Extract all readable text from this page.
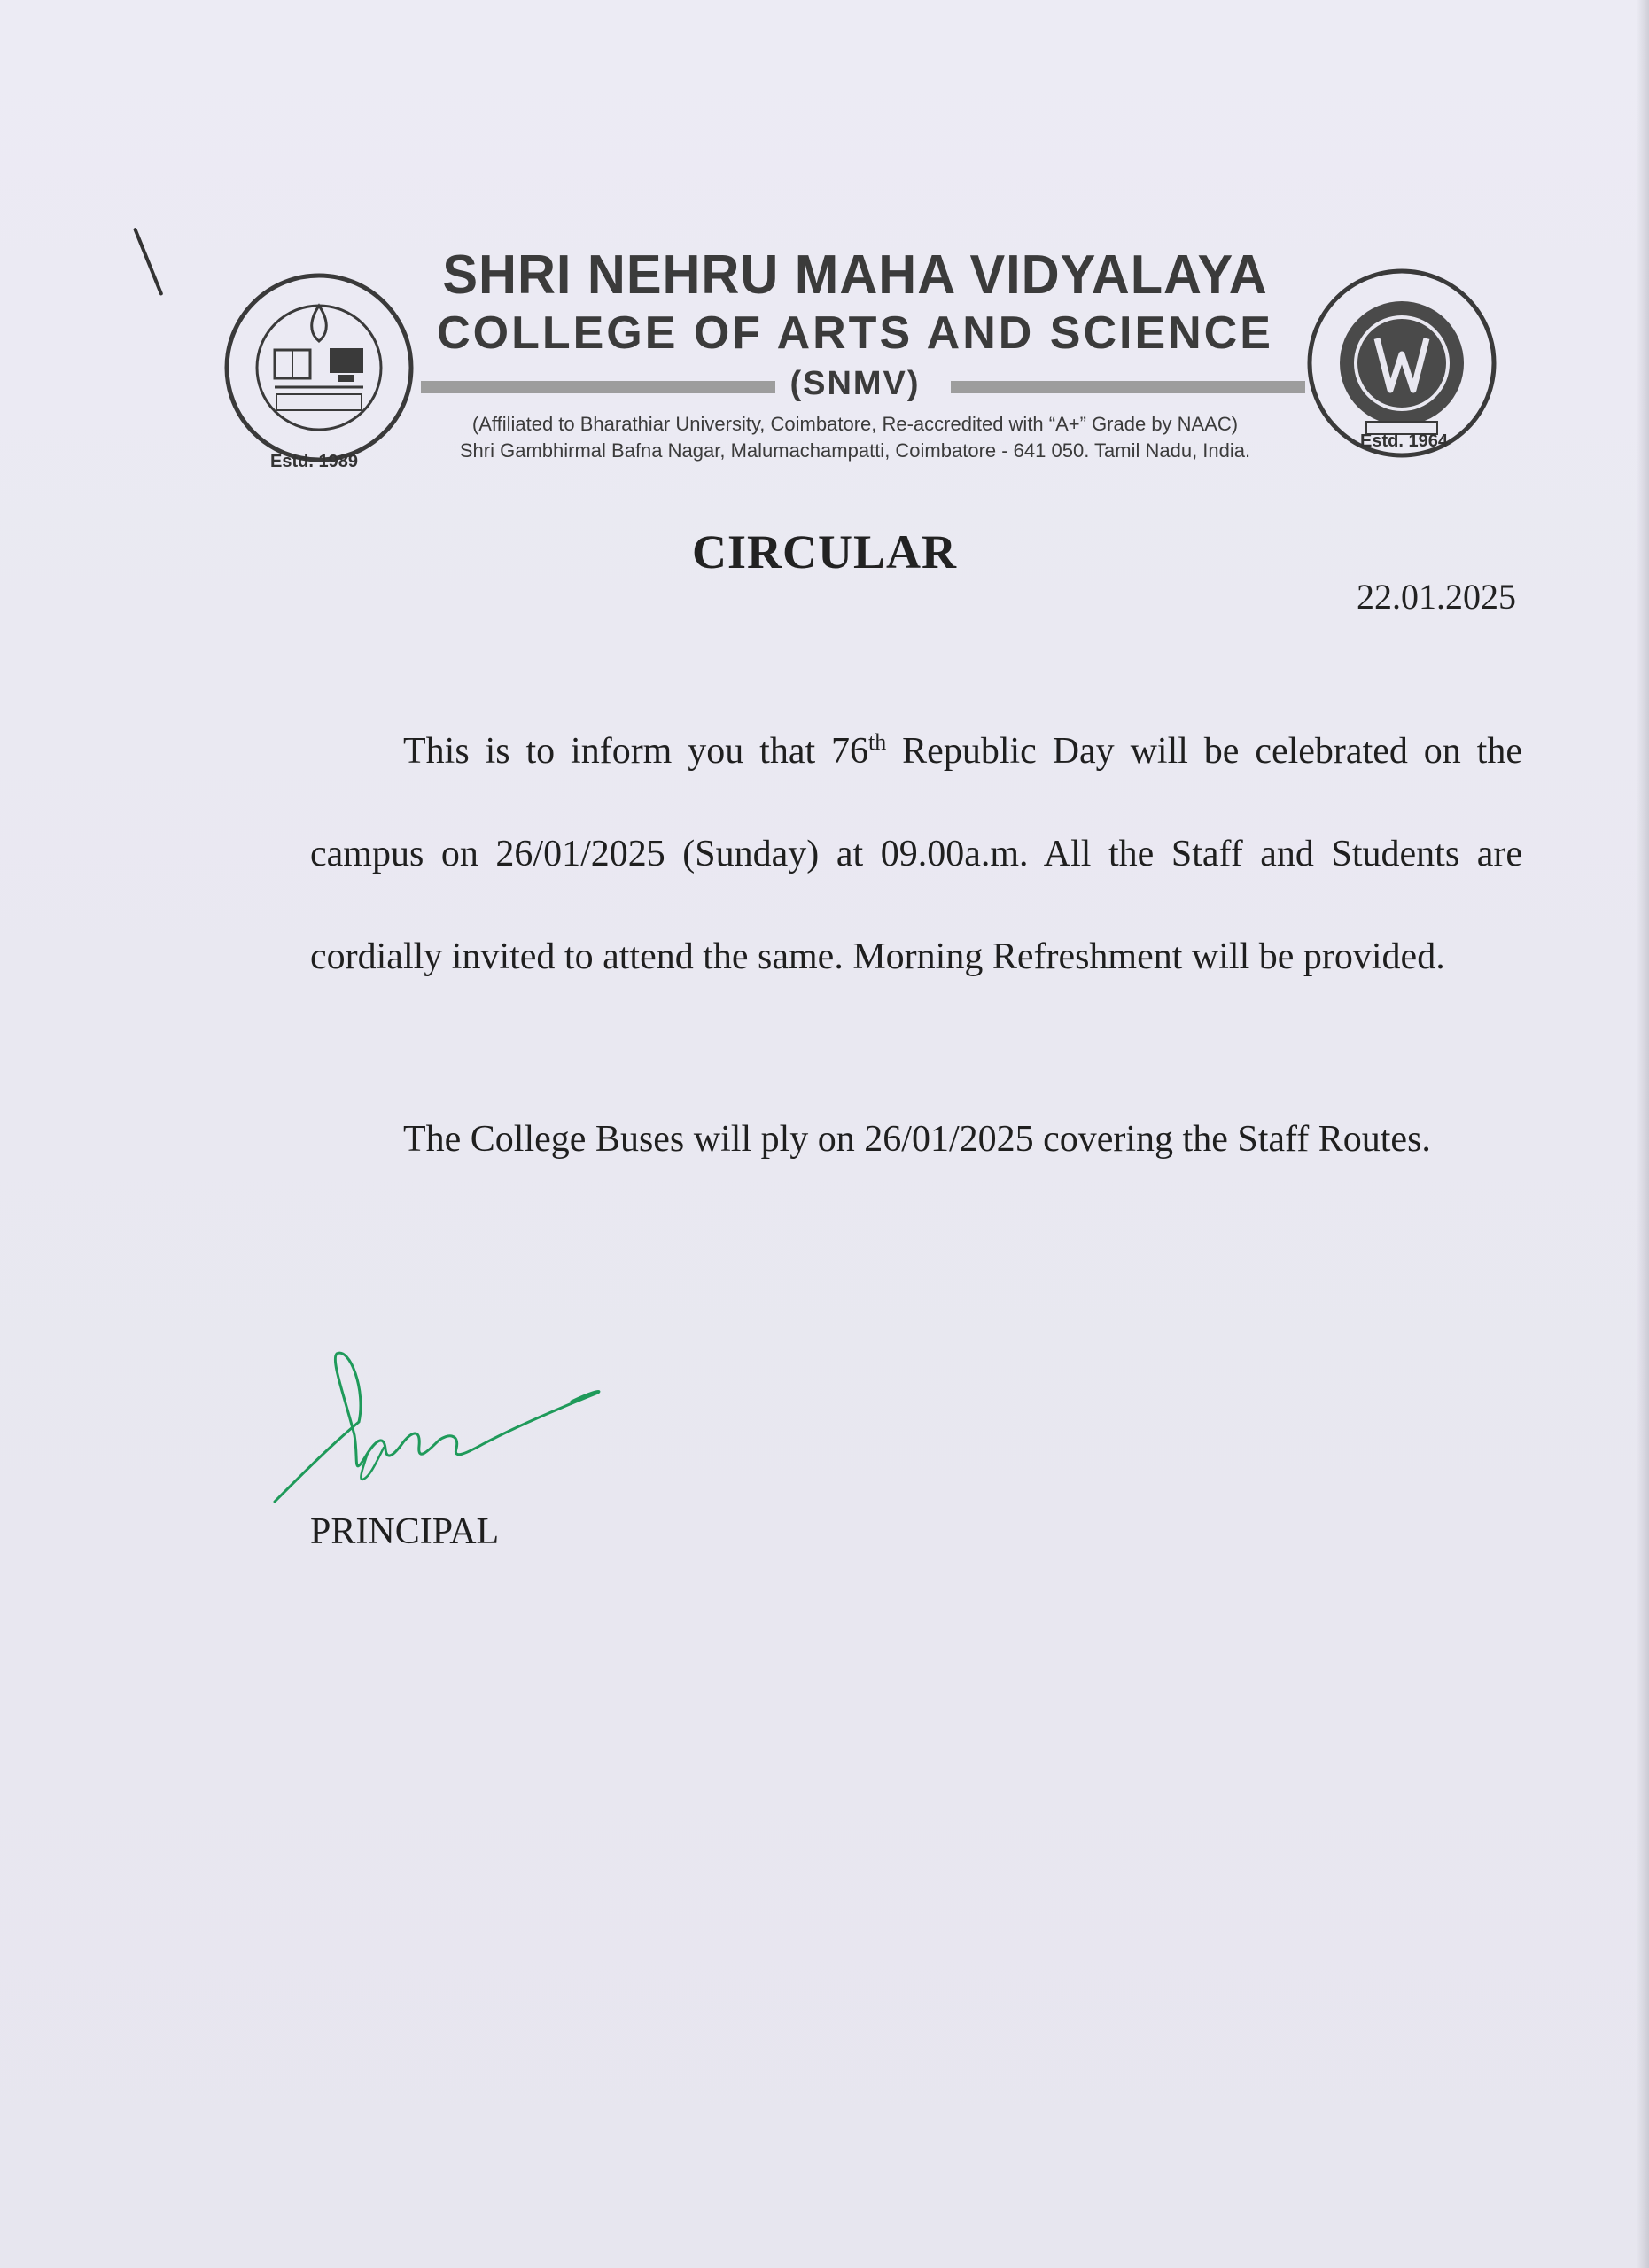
Estd. 1989
SHRI NEHRU MAHA VIDYALAYA
COLLEGE OF ARTS AND SCIENCE
(SNMV)
(Affiliated to Bharathiar University, Coimbatore, Re-accredited with “A+” Grade by NAAC)
Shri Gambhirmal Bafna Nagar, Malumachampatti, Coimbatore - 641 050. Tamil Nadu, India.	Estd. 1964
CIRCULAR
22.01.2025
This is to inform you that 76th Republic Day will be celebrated on the campus on 26/01/2025 (Sunday) at 09.00a.m. All the Staff and Students are cordially invited to attend the same. Morning Refreshment will be provided.
The College Buses will ply on 26/01/2025 covering the Staff Routes.
PRINCIPAL
